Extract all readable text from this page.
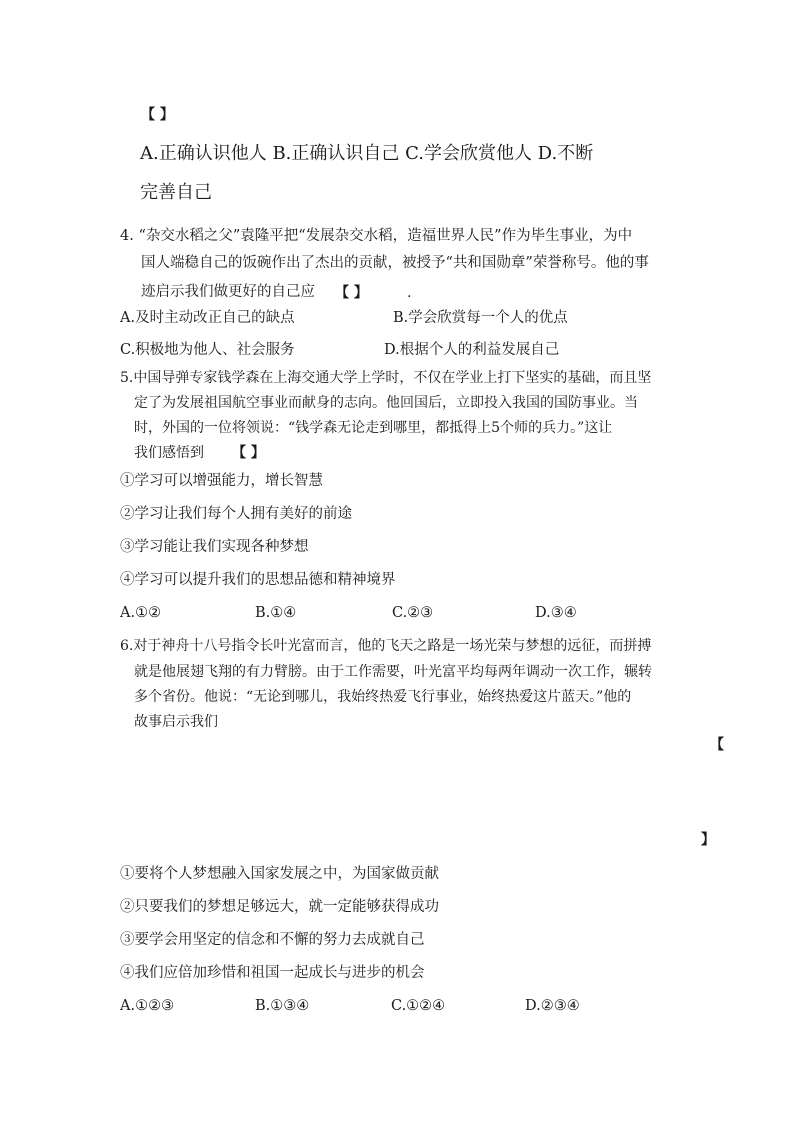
【 】
A.正确认识他人 B.正确认识自己 C.学会欣赏他人 D.不断
完善自己
4. “杂交水稻之父”袁隆平把“发展杂交水稻，造福世界人民”作为毕生事业，为中
国人端稳自己的饭碗作出了杰出的贡献，被授予“共和国勋章”荣誉称号。他的事
迹启示我们做更好的自己应 【 】	.
A.及时主动改正自己的缺点	B.学会欣赏每一个人的优点
C.积极地为他人、社会服务	D.根据个人的利益发展自己
5.中国导弹专家钱学森在上海交通大学上学时，不仅在学业上打下坚实的基础，而且坚
定了为发展祖国航空事业而献身的志向。他回国后，立即投入我国的国防事业。当
时，外国的一位将领说：“钱学森无论走到哪里，都抵得上5个师的兵力。”这让
我们感悟到 【 】
①学习可以增强能力，增长智慧
②学习让我们每个人拥有美好的前途
③学习能让我们实现各种梦想
④学习可以提升我们的思想品德和精神境界
A.①②	B.①④	C.②③	D.③④
6.对于神舟十八号指令长叶光富而言，他的飞天之路是一场光荣与梦想的远征，而拼搏
就是他展翅飞翔的有力臂膀。由于工作需要，叶光富平均每两年调动一次工作，辗转
多个省份。他说：“无论到哪儿，我始终热爱飞行事业，始终热爱这片蓝天。”他的
故事启示我们
【
】
①要将个人梦想融入国家发展之中，为国家做贡献
②只要我们的梦想足够远大，就一定能够获得成功
③要学会用坚定的信念和不懈的努力去成就自己
④我们应倍加珍惜和祖国一起成长与进步的机会
A.①②③	B.①③④	C.①②④	D.②③④
